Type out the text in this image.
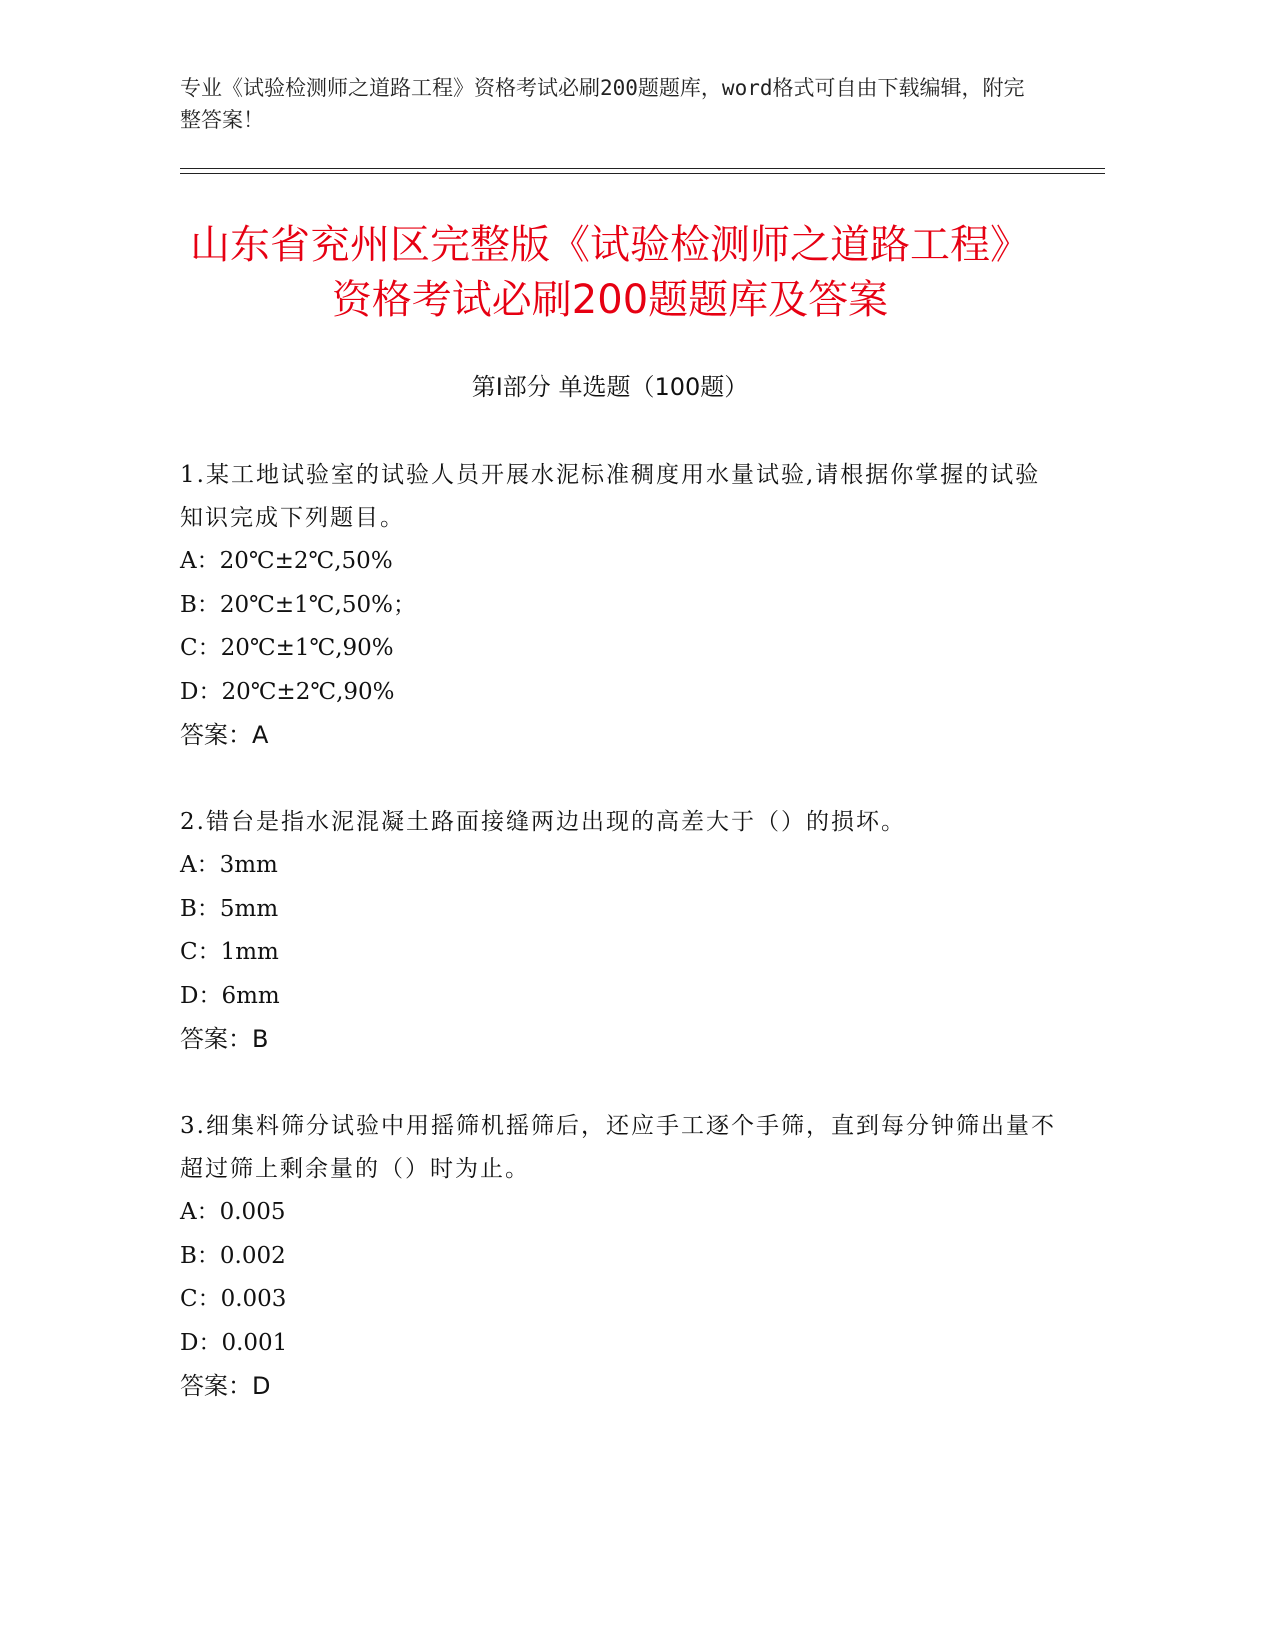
专业《试验检测师之道路工程》资格考试必刷200题题库，word格式可自由下载编辑，附完整答案！
山东省兖州区完整版《试验检测师之道路工程》资格考试必刷200题题库及答案
第Ⅰ部分 单选题（100题）
1.某工地试验室的试验人员开展水泥标准稠度用水量试验,请根据你掌握的试验知识完成下列题目。
A：20℃±2℃,50%
B：20℃±1℃,50%；
C：20℃±1℃,90%
D：20℃±2℃,90%
答案：A
2.错台是指水泥混凝土路面接缝两边出现的高差大于（）的损坏。
A：3mm
B：5mm
C：1mm
D：6mm
答案：B
3.细集料筛分试验中用摇筛机摇筛后，还应手工逐个手筛，直到每分钟筛出量不超过筛上剩余量的（）时为止。
A：0.005
B：0.002
C：0.003
D：0.001
答案：D
